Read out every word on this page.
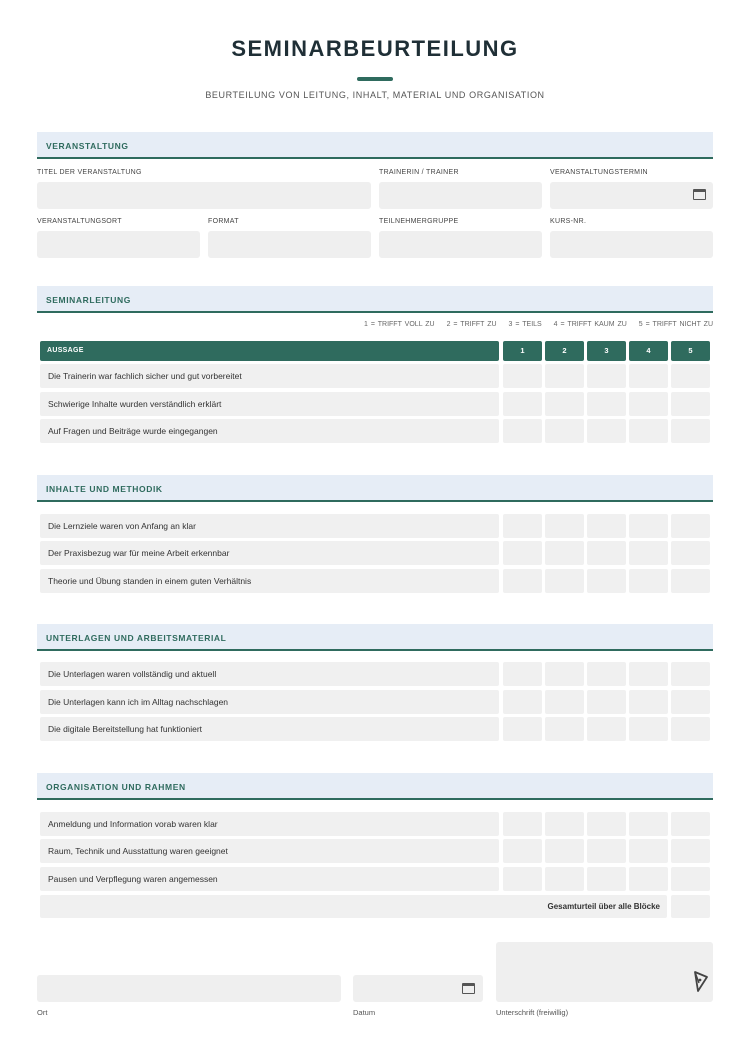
SEMINARBEURTEILUNG
BEURTEILUNG VON LEITUNG, INHALT, MATERIAL UND ORGANISATION
VERANSTALTUNG
TITEL DER VERANSTALTUNG	TRAINERIN / TRAINER	VERANSTALTUNGSTERMIN
VERANSTALTUNGSORT	FORMAT	TEILNEHMERGRUPPE	KURS-NR.
SEMINARLEITUNG
1 = TRIFFT VOLL ZU 2 = TRIFFT ZU 3 = TEILS 4 = TRIFFT KAUM ZU 5 = TRIFFT NICHT ZU
AUSSAGE	1	2	3	4	5
Die Trainerin war fachlich sicher und gut vorbereitet
Schwierige Inhalte wurden verständlich erklärt
Auf Fragen und Beiträge wurde eingegangen
INHALTE UND METHODIK
Die Lernziele waren von Anfang an klar
Der Praxisbezug war für meine Arbeit erkennbar
Theorie und Übung standen in einem guten Verhältnis
UNTERLAGEN UND ARBEITSMATERIAL
Die Unterlagen waren vollständig und aktuell
Die Unterlagen kann ich im Alltag nachschlagen
Die digitale Bereitstellung hat funktioniert
ORGANISATION UND RAHMEN
Anmeldung und Information vorab waren klar
Raum, Technik und Ausstattung waren geeignet
Pausen und Verpflegung waren angemessen
Gesamturteil über alle Blöcke
Ort	Datum	Unterschrift (freiwillig)
